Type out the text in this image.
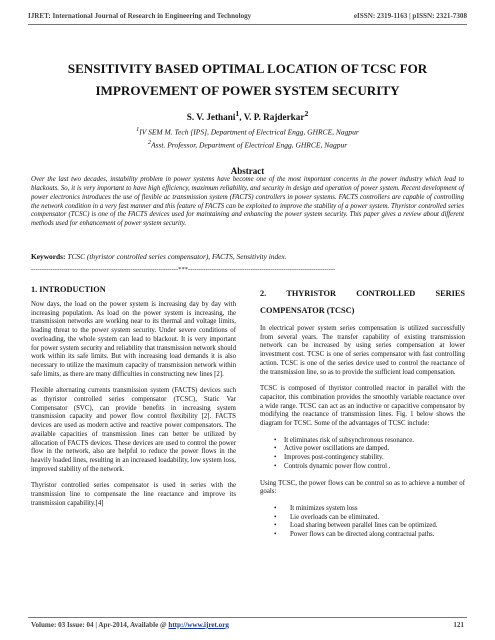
IJRET: International Journal of Research in Engineering and Technology	eISSN: 2319-1163 | pISSN: 2321-7308
SENSITIVITY BASED OPTIMAL LOCATION OF TCSC FOR
IMPROVEMENT OF POWER SYSTEM SECURITY
S. V. Jethani$^1$, V. P. Rajderkar$^2$
$^1$IV SEM M. Tech [IPS], Department of Electrical Engg, GHRCE, Nagpur
$^2$Asst. Professor, Department of Electrical Engg, GHRCE, Nagpur
Abstract
Over the last two decades, instability problem in power systems have become one of the most important concerns in the power industry which lead to blackouts. So, it is very important to have high efficiency, maximum reliability, and security in design and operation of power system. Recent development of power electronics introduces the use of flexible ac transmission system (FACTS) controllers in power systems. FACTS controllers are capable of controlling the network condition in a very fast manner and this feature of FACTS can be exploited to improve the stability of a power system. Thyristor controlled series compensator (TCSC) is one of the FACTS devices used for maintaining and enhancing the power system security. This paper gives a review about different methods used for enhancement of power system security.
Keywords: TCSC (thyristor controlled series compensator), FACTS, Sensitivity index.
--------------------------------------------------------------------***--------------------------------------------------------------------
1. INTRODUCTION

Now days, the load on the power system is increasing day by day with increasing population. As load on the power system is increasing, the transmission networks are working near to its thermal and voltage limits, leading threat to the power system security. Under severe conditions of overloading, the whole system can lead to blackout. It is very important for power system security and reliability that transmission network should work within its safe limits. But with increasing load demands it is also necessary to utilize the maximum capacity of transmission network within safe limits, as there are many difficulties in constructing new lines [2].

Flexible alternating currents transmission system (FACTS) devices such as thyristor controlled series compensator (TCSC), Static Var Compensator (SVC), can provide benefits in increasing system transmission capacity and power flow control flexibility [2]. FACTS devices are used as modern active and reactive power compensators. The available capacities of transmission lines can better be utilized by allocation of FACTS devices. These devices are used to control the power flow in the network, also are helpful to reduce the power flows in the heavily loaded lines, resulting in an increased loadability, low system loss, improved stability of the network.

Thyristor controlled series compensator is used in series with the transmission line to compensate the line reactance and improve its transmission capability.[4]

2. THYRISTOR CONTROLLED SERIES
COMPENSATOR (TCSC)

In electrical power system series compensation is utilized successfully from several years. The transfer capability of existing transmission network can be increased by using series compensation at lower investment cost. TCSC is one of series compensator with fast controlling action. TCSC is one of the series device used to control the reactance of the transmission line, so as to provide the sufficient load compensation.

TCSC is composed of thyristor controlled reactor in parallel with the capacitor, this combination provides the smoothly variable reactance over a wide range. TCSC can act as an inductive or capacitive compensator by modifying the reactance of transmission lines. Fig. 1 below shows the diagram for TCSC. Some of the advantages of TCSC include:

• It eliminates risk of subsynchronous resonance.
• Active power oscillations are damped.
• Improves post-contingency stability.
• Controls dynamic power flow control .

Using TCSC, the power flows can be control so as to achieve a number of goals:

• It minimizes system loss
• Lie overloads can be eliminated.
• Load sharing between parallel lines can be optimized.
• Power flows can be directed along contractual paths.
Volume: 03 Issue: 04 | Apr-2014, Available @ http://www.ijret.org	121
